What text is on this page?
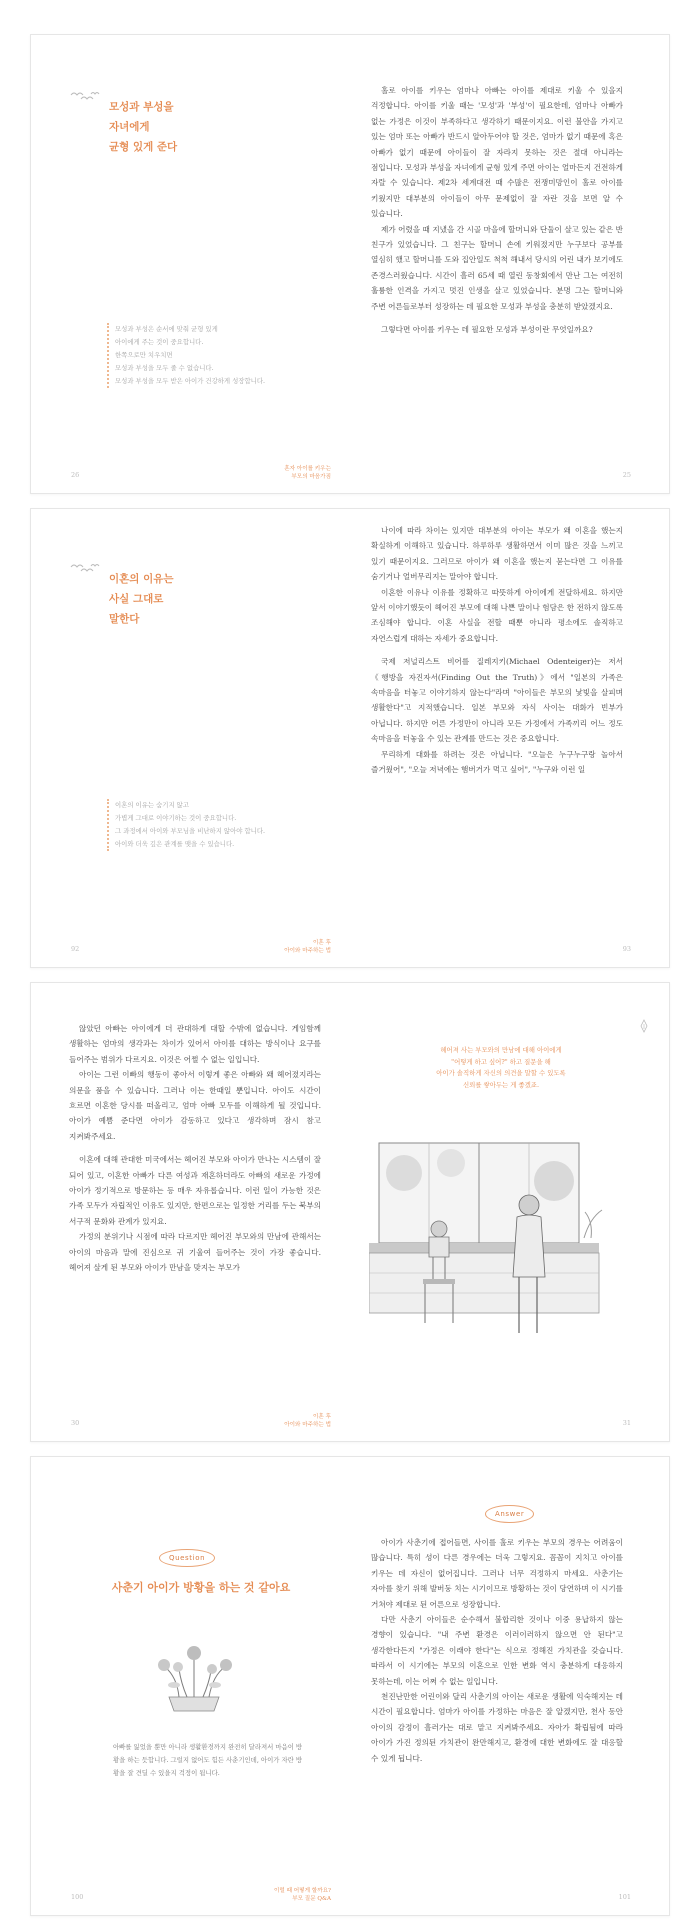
모성과 부성을
자녀에게
균형 있게 준다
모성과 부성은 순서에 맞춰 균형 있게
아이에게 주는 것이 중요합니다.
한쪽으로만 치우치면
모성과 부성을 모두 줄 수 없습니다.
모성과 부성을 모두 받은 아이가 건강하게 성장합니다.
26
혼자 아이를 키우는
부모의 마음가짐

홀로 아이를 키우는 엄마나 아빠는 아이를 제대로 키울 수 있을지 걱정합니다. 아이를 키울 때는 '모성'과 '부성'이 필요한데, 엄마나 아빠가 없는 가정은 이것이 부족하다고 생각하기 때문이지요. 이런 불안을 가지고 있는 엄마 또는 아빠가 반드시 알아두어야 할 것은, 엄마가 없기 때문에 혹은 아빠가 없기 때문에 아이들이 잘 자라지 못하는 것은 절대 아니라는 점입니다. 모성과 부성을 자녀에게 균형 있게 주면 아이는 얼마든지 건전하게 자랄 수 있습니다. 제2차 세계대전 때 수많은 전쟁미망인이 홀로 아이를 키웠지만 대부분의 아이들이 아무 문제없이 잘 자란 것을 보면 알 수 있습니다.

제가 어렸을 때 지냈을 간 시골 마을에 할머니와 단둘이 살고 있는 같은 반 친구가 있었습니다. 그 친구는 할머니 손에 키워졌지만 누구보다 공부를 열심히 했고 할머니를 도와 집안일도 척척 해내서 당시의 어린 내가 보기에도 존경스러웠습니다. 시간이 흘러 65세 때 열린 동창회에서 만난 그는 여전히 훌륭한 인격을 가지고 멋진 인생을 살고 있었습니다. 분명 그는 할머니와 주변 어른들로부터 성장하는 데 필요한 모성과 부성을 충분히 받았겠지요.

그렇다면 아이를 키우는 데 필요한 모성과 부성이란 무엇일까요?

25
이혼의 이유는
사실 그대로
말한다
이혼의 이유는 숨기지 않고
가볍게 그대로 이야기하는 것이 중요합니다.
그 과정에서 아이와 부모님을 비난하지 않아야 합니다.
아이와 더욱 깊은 관계를 맺을 수 있습니다.
92
이혼 후
아이와 마주하는 법

나이에 따라 차이는 있지만 대부분의 아이는 부모가 왜 이혼을 했는지 확실하게 이해하고 있습니다. 하루하루 생활하면서 이미 많은 것을 느끼고 있기 때문이지요. 그러므로 아이가 왜 이혼을 했는지 묻는다면 그 이유를 숨기거나 얼버무리지는 말아야 합니다.

이혼한 이유나 이유를 정확하고 따뜻하게 아이에게 전달하세요. 하지만 앞서 이야기했듯이 헤어진 부모에 대해 나쁜 말이나 험담은 한 전하지 않도록 조심해야 합니다. 이혼 사실을 전할 때뿐 아니라 평소에도 솔직하고 자연스럽게 대하는 자세가 중요합니다.

국제 저널리스트 비어를 질레지키(Michael Odenteiger)는 저서 《행방을 자진자서(Finding Out the Truth)》에서 "일본의 가족은 속마음을 터놓고 이야기하지 않는다"라며 "아이들은 부모의 낯빛을 살피며 생활한다"고 지적했습니다. 일본 부모와 자식 사이는 대화가 빈부가 아닙니다. 하지만 어른 가정만이 아니라 모든 가정에서 가족끼리 어느 정도 속마음을 터놓을 수 있는 관계를 만드는 것은 중요합니다.

무리하게 대화를 하려는 것은 아닙니다. "오늘은 누구누구랑 놀아서 즐거웠어", "오늘 저녁에는 햄버거가 먹고 싶어", "누구와 이런 일

93

않았던 아빠는 아이에게 더 관대하게 대할 수밖에 없습니다. 게임함께 생활하는 엄마의 생각과는 차이가 있어서 아이를 대하는 방식이나 요구를 들어주는 범위가 다르지요. 이것은 어쩔 수 없는 일입니다.

아이는 그런 이빠의 행동이 좋아서 이렇게 좋은 아빠와 왜 헤어졌지라는 의문을 품을 수 있습니다. 그러나 이는 한때일 뿐입니다. 아이도 시간이 흐르면 이혼한 당시를 떠올리고, 엄마 아빠 모두를 이해하게 될 것입니다. 아이가 예쁨 준다면 아이가 감동하고 있다고 생각하며 잠시 참고 지켜봐주세요.

이혼에 대해 관대한 미국에서는 헤어진 부모와 아이가 만나는 시스템이 잘 되어 있고, 이혼한 아빠가 다른 여성과 재혼하더라도 아빠의 새로운 가정에 아이가 정기적으로 방문하는 등 매우 자유롭습니다. 이런 일이 가능한 것은 가족 모두가 자립적인 이유도 있지만, 한편으로는 일정한 거리를 두는 북부의 서구적 문화와 관계가 있지요.

가정의 분위기나 시점에 따라 다르지만 헤어진 부모와의 만남에 관해서는 아이의 마음과 말에 진심으로 귀 기울여 들어주는 것이 가장 좋습니다. 헤어져 살게 된 부모와 아이가 만남을 맞지는 부모가

30
이혼 후
아이와 마주하는 법
헤어져 사는 부모와의 만남에 대해 아이에게
"어떻게 하고 싶어?" 하고 질문을 해
아이가 솔직하게 자신의 의견을 말할 수 있도록
신뢰를 쌓아두는 게 좋겠죠.
31
Question
사춘기 아이가 방황을 하는 것 같아요
아빠를 잃었을 뿐만 아니라 생활환경까지 완전히 달라져서 마음이 방황을 하는 듯합니다. 그럴지 없어도 힘든 사춘기인데, 아이가 자란 방황을 잘 견딜 수 있을지 걱정이 됩니다.
100
이럴 때 어떻게 할까요?
부모 질문 Q&A
Answer

아이가 사춘기에 접어들면, 사이를 홀로 키우는 부모의 경우는 어려움이 많습니다. 특히 성이 다른 경우에는 더욱 그렇지요. 꼼꼼이 지치고 아이를 키우는 데 자신이 없어집니다. 그러나 너무 걱정하지 마세요. 사춘기는 자아를 찾기 위해 발버둥 치는 시기이므로 방황하는 것이 당연하며 이 시기를 거쳐야 제대로 된 어른으로 성장합니다.

다만 사춘기 아이들은 순수해서 불합리한 것이나 이중 용납하지 않는 경향이 있습니다. "내 주변 환경은 이러이러하지 않으면 안 된다"고 생각한다든지 "가정은 이래야 한다"는 식으로 정해진 가치관을 갖습니다. 따라서 이 시기에는 부모의 이혼으로 인한 변화 역시 충분하게 대응하지 못하는데, 이는 어쩌 수 없는 일입니다.

천진난만한 어린이와 달리 사춘기의 아이는 새로운 생활에 익숙해지는 데 시간이 필요합니다. 엄마가 아이를 가정하는 마음은 잘 알겠지만, 천사 동안 아이의 감정이 흘러가는 대로 맡고 지켜봐주세요. 자아가 확립됨에 따라 아이가 가진 정의된 가치관이 완만해지고, 환경에 대한 변화에도 잘 대응할 수 있게 됩니다.

101
